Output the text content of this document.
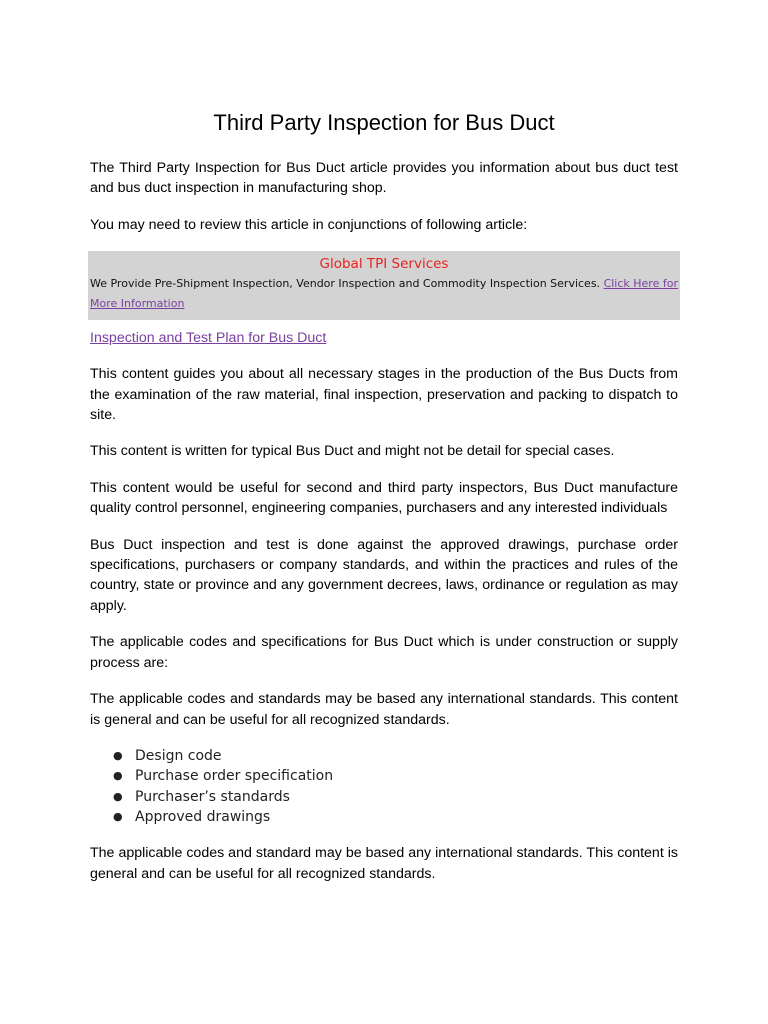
Third Party Inspection for Bus Duct

The Third Party Inspection for Bus Duct article provides you information about bus duct test and bus duct inspection in manufacturing shop.

You may need to review this article in conjunctions of following article:

Global TPI Services
We Provide Pre-Shipment Inspection, Vendor Inspection and Commodity Inspection Services. Click Here for More Information
Inspection and Test Plan for Bus Duct

This content guides you about all necessary stages in the production of the Bus Ducts from the examination of the raw material, final inspection, preservation and packing to dispatch to site.

This content is written for typical Bus Duct and might not be detail for special cases.

This content would be useful for second and third party inspectors, Bus Duct manufacture quality control personnel, engineering companies, purchasers and any interested individuals

Bus Duct inspection and test is done against the approved drawings, purchase order specifications, purchasers or company standards, and within the practices and rules of the country, state or province and any government decrees, laws, ordinance or regulation as may apply.

The applicable codes and specifications for Bus Duct which is under construction or supply process are:

The applicable codes and standards may be based any international standards. This content is general and can be useful for all recognized standards.

● Design code
● Purchase order specification
● Purchaser’s standards
● Approved drawings

The applicable codes and standard may be based any international standards. This content is general and can be useful for all recognized standards.
